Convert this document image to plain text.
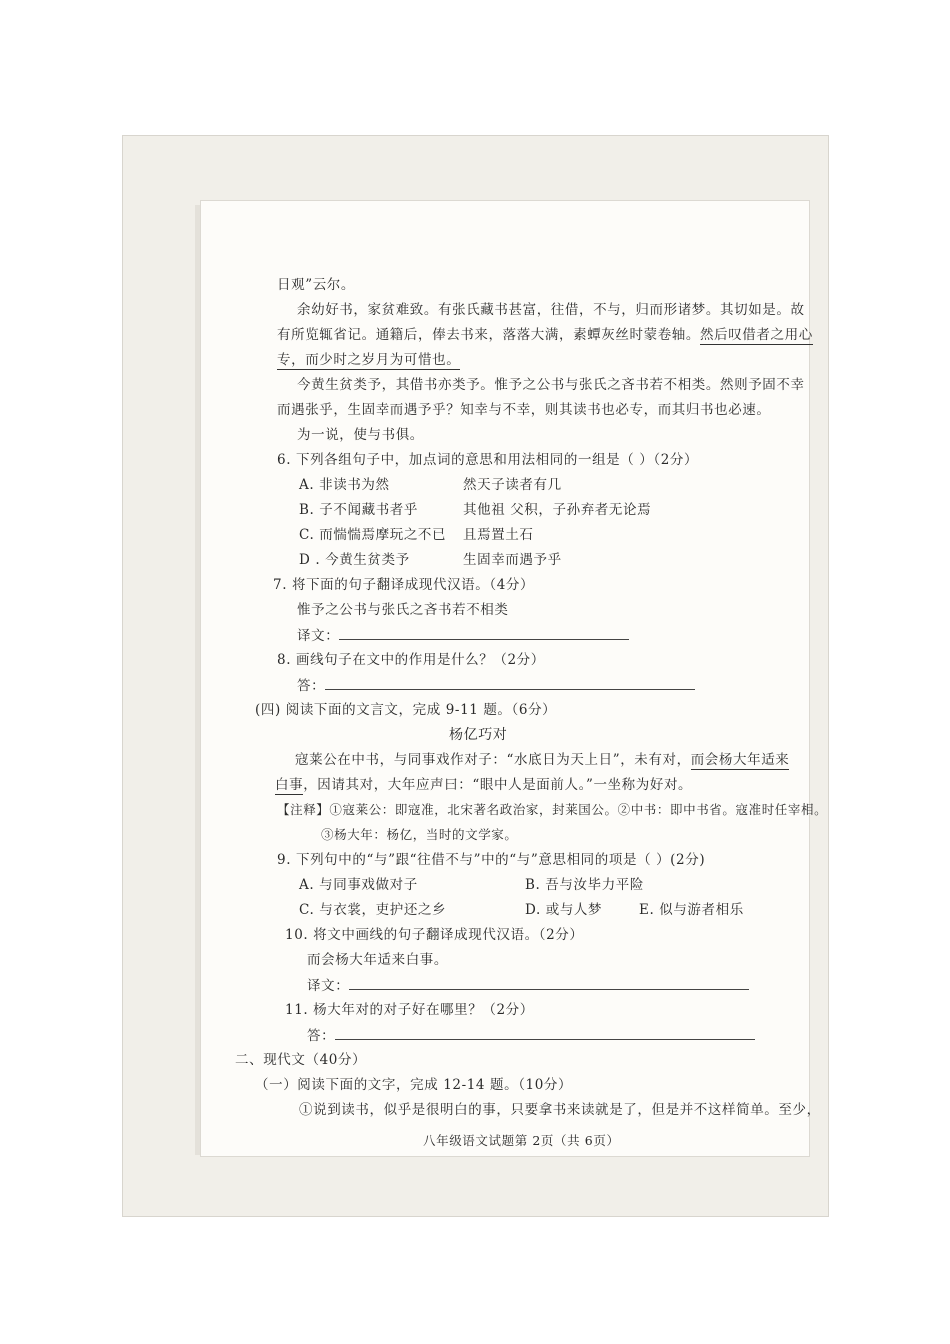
日观”云尔。
余幼好书，家贫难致。有张氏藏书甚富，往借，不与，归而形诸梦。其切如是。故
有所览辄省记。通籍后，俸去书来，落落大满，素蟫灰丝时蒙卷轴。然后叹借者之用心
专，而少时之岁月为可惜也。
今黄生贫类予，其借书亦类予。惟予之公书与张氏之吝书若不相类。然则予固不幸
而遇张乎，生固幸而遇予乎？知幸与不幸，则其读书也必专，而其归书也必速。
为一说，使与书俱。
6. 下列各组句子中，加点词的意思和用法相同的一组是（ ）（2分）
A. 非读书为然	然天子读者有几
B. 子不闻藏书者乎	其他祖 父积，子孙弃者无论焉
C. 而惴惴焉摩玩之不已 且焉置土石
D . 今黄生贫类予	生固幸而遇予乎
7. 将下面的句子翻译成现代汉语。（4分）
惟予之公书与张氏之吝书若不相类
译文：
8. 画线句子在文中的作用是什么？（2分）
答：
(四) 阅读下面的文言文，完成 9-11 题。（6分）
杨亿巧对
寇莱公在中书，与同事戏作对子：“水底日为天上日”，未有对，而会杨大年适来
白事，因请其对，大年应声曰：“眼中人是面前人。”一坐称为好对。
【注释】①寇莱公：即寇准，北宋著名政治家，封莱国公。②中书：即中书省。寇准时任宰相。
③杨大年：杨亿，当时的文学家。
9. 下列句中的“与”跟“往借不与”中的“与”意思相同的项是（ ）(2分)
A. 与同事戏做对子	B. 吾与汝毕力平险
C. 与衣裳，吏护还之乡	D. 或与人梦	E. 似与游者相乐
10. 将文中画线的句子翻译成现代汉语。（2分）
而会杨大年适来白事。
译文：
11. 杨大年对的对子好在哪里？（2分）
答：
二、现代文（40分）
（一）阅读下面的文字，完成 12-14 题。（10分）
①说到读书，似乎是很明白的事，只要拿书来读就是了，但是并不这样简单。至少，
八年级语文试题第 2页（共 6页）
